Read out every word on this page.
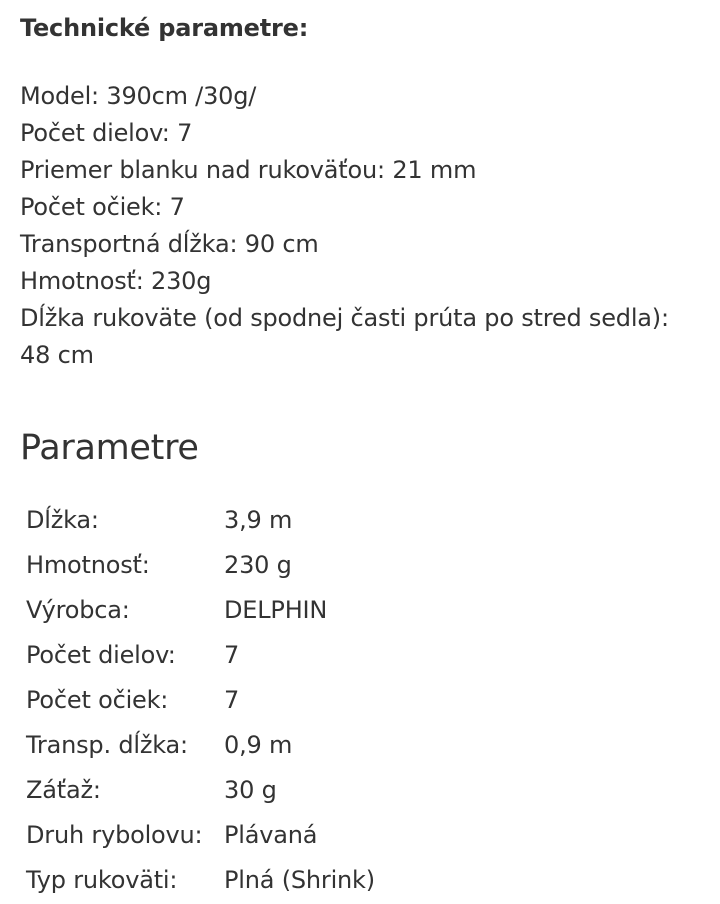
Technické parametre:
Model: 390cm /30g/
Počet dielov: 7
Priemer blanku nad rukoväťou: 21 mm
Počet očiek: 7
Transportná dĺžka: 90 cm
Hmotnosť: 230g
Dĺžka rukoväte (od spodnej časti prúta po stred sedla): 48 cm
Parametre
Dĺžka:	3,9 m
Hmotnosť:	230 g
Výrobca:	DELPHIN
Počet dielov:	7
Počet očiek:	7
Transp. dĺžka:	0,9 m
Záťaž:	30 g
Druh rybolovu:	Plávaná
Typ rukoväti:	Plná (Shrink)
